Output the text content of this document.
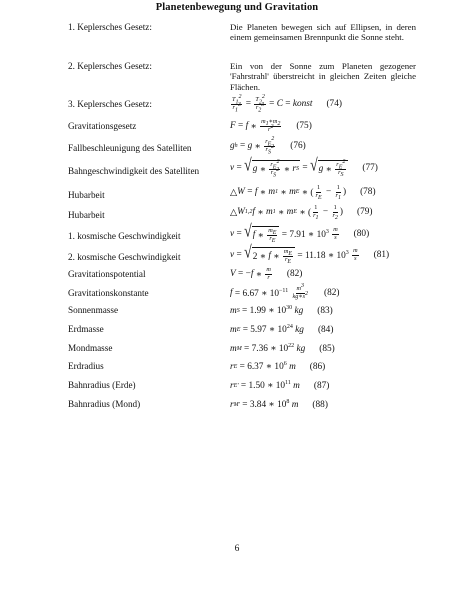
Planetenbewegung und Gravitation
1. Keplersches Gesetz:	Die Planeten bewegen sich auf Ellipsen, in deren einem gemeinsamen Brennpunkt die Sonne steht.
2. Keplersches Gesetz:	Ein von der Sonne zum Planeten gezogener 'Fahrstrahl' überstreicht in gleichen Zeiten gleiche Flächen.
3. Keplersches Gesetz:	$\frac{T_1^2}{r_1^3} = \frac{T_2^2}{r_2^3} = C$ = konst (74)
Gravitationsgesetz	F = f ∗ $\frac{m_1∗m_2}{r^2} (75)$
Fallbeschleunigung des Satelliten	g h = g ∗ $\frac{r_E^2}{r_S^2} (76)$
Bahngeschwindigkeit des Satelliten	v = √ g ∗ $\frac{r_E^2}{r_S^2}$ ∗ r S = √ g ∗ $\frac{r_E^2}{r_S} (77)$
Hubarbeit	△ W = f ∗ m 1 ∗ m E ∗ ( $\frac{1}{r_E} - \frac{1}{r_1}$ ) (78)
Hubarbeit	△ W 1,2 f ∗ m 1 ∗ m E ∗ ( $\frac{1}{r_1} - \frac{1}{r_2}$ ) (79)
1. kosmische Geschwindigkeit	v = √ f ∗ $\frac{m_E}{r_E} = 7.91$ ∗ $10^3 \frac{m}{s} (80)$
2. kosmische Geschwindigkeit	v = √ 2 ∗ f ∗ $\frac{m_E}{r_E} = 11.18$ ∗ $10^3 \frac{m}{s} (81)$
Gravitationspotential	V = − f ∗ $\frac{m}{r} (82)$
Gravitationskonstante	f = 6.67 ∗ $10^{-11} \frac{m^3}{kg∗s^2} (82)$
Sonnenmasse	m S = 1.99 ∗ $10^{30}$ kg (83)
Erdmasse	m E = 5.97 ∗ $10^{24}$ kg (84)
Mondmasse	m M = 7.36 ∗ $10^{22}$ kg (85)
Erdradius	r E = 6.37 ∗ $10^6$ m (86)
Bahnradius (Erde)	r E ′ = 1.50 ∗ $10^{11}$ m (87)
Bahnradius (Mond)	r M ′ = 3.84 ∗ $10^8$ m (88)
6
